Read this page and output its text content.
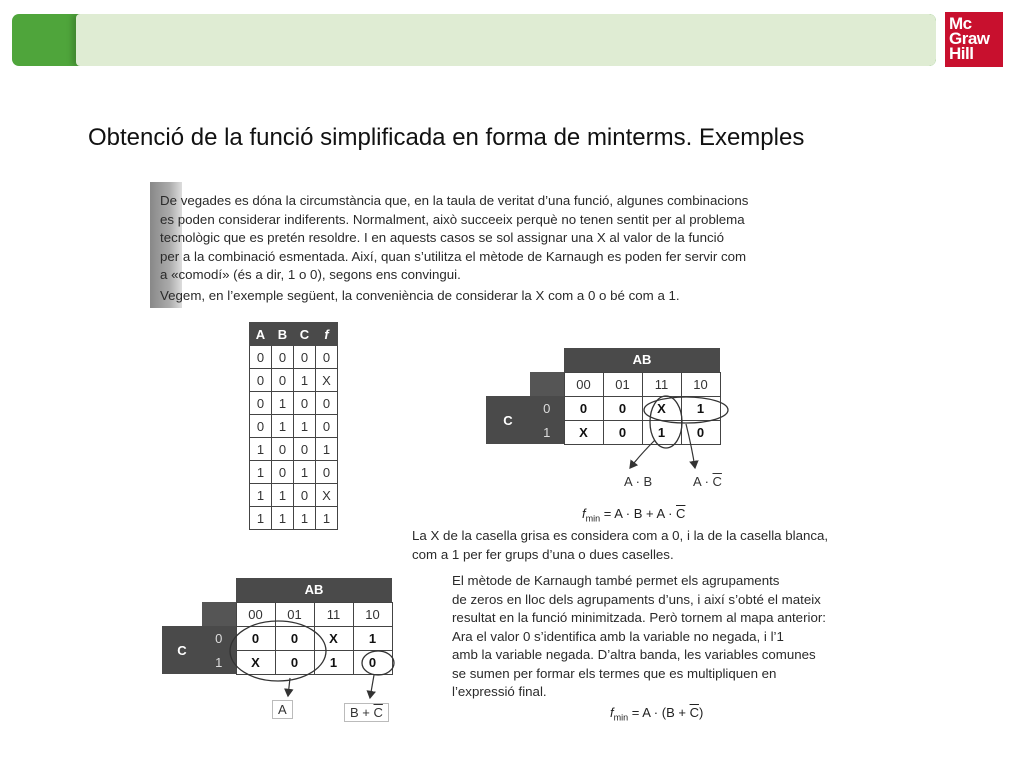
Mc
Graw
Hill
Obtenció de la funció simplificada en forma de minterms. Exemples

De vegades es dóna la circumstància que, en la taula de veritat d’una funció, algunes combinacions

es poden considerar indiferents. Normalment, això succeeix perquè no tenen sentit per al problema

tecnològic que es pretén resoldre. I en aquests casos se sol assignar una X al valor de la funció

per a la combinació esmentada. Així, quan s’utilitza el mètode de Karnaugh es poden fer servir com

a «comodí» (és a dir, 1 o 0), segons ens convingui.

Vegem, en l’exemple següent, la conveniència de considerar la X com a 0 o bé com a 1.

A	B	C	f
0	0	0	0
0	0	1	X
0	1	0	0
0	1	1	0
1	0	0	1
1	0	1	0
1	1	0	X
1	1	1	1
		AB			
		00	01	11	10
C	0	0	0	X	1
	1	X	0	1	0
A · B	$A \cdot \overline{C}$
$f_{min} = A \cdot B + A \cdot \overline{C}$

La X de la casella grisa es considera com a 0, i la de la casella blanca,

com a 1 per fer grups d’una o dues caselles.

		AB			
		00	01	11	10
C	0	0	0	X	1
	1	X	0	1	0
A	$B + \overline{C}$

El mètode de Karnaugh també permet els agrupaments

de zeros en lloc dels agrupaments d’uns, i així s’obté el mateix

resultat en la funció minimitzada. Però tornem al mapa anterior:

Ara el valor 0 s’identifica amb la variable no negada, i l’1

amb la variable negada. D’altra banda, les variables comunes

se sumen per formar els termes que es multipliquen en

l’expressió final.

$f_{min} = A \cdot (B + \overline{C})$
